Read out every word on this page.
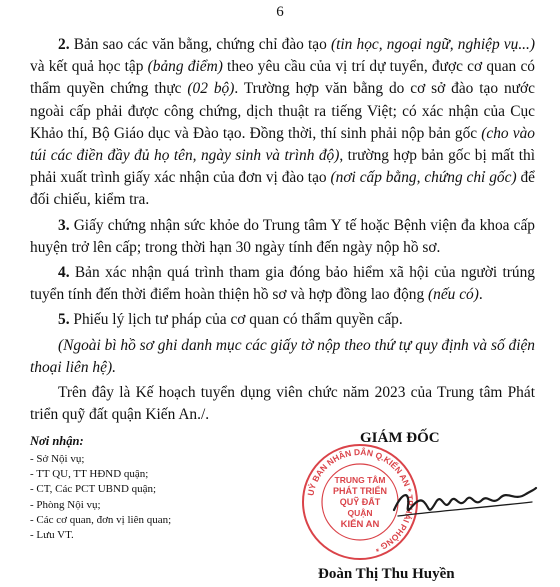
6

2. Bản sao các văn bằng, chứng chỉ đào tạo (tin học, ngoại ngữ, nghiệp vụ...) và kết quả học tập (bảng điểm) theo yêu cầu của vị trí dự tuyển, được cơ quan có thẩm quyền chứng thực (02 bộ). Trường hợp văn bằng do cơ sở đào tạo nước ngoài cấp phải được công chứng, dịch thuật ra tiếng Việt; có xác nhận của Cục Khảo thí, Bộ Giáo dục và Đào tạo. Đồng thời, thí sinh phải nộp bản gốc (cho vào túi các điền đầy đủ họ tên, ngày sinh và trình độ), trường hợp bản gốc bị mất thì phải xuất trình giấy xác nhận của đơn vị đào tạo (nơi cấp bằng, chứng chỉ gốc) để đối chiếu, kiểm tra.

3. Giấy chứng nhận sức khỏe do Trung tâm Y tế hoặc Bệnh viện đa khoa cấp huyện trở lên cấp; trong thời hạn 30 ngày tính đến ngày nộp hồ sơ.

4. Bản xác nhận quá trình tham gia đóng bảo hiểm xã hội của người trúng tuyển tính đến thời điểm hoàn thiện hồ sơ và hợp đồng lao động (nếu có).

5. Phiếu lý lịch tư pháp của cơ quan có thẩm quyền cấp.

(Ngoài bì hồ sơ ghi danh mục các giấy tờ nộp theo thứ tự quy định và số điện thoại liên hệ).

Trên đây là Kế hoạch tuyển dụng viên chức năm 2023 của Trung tâm Phát triển quỹ đất quận Kiến An./.

Nơi nhận:
- Sở Nội vụ;
- TT QU, TT HĐND quận;
- CT, Các PCT UBND quận;
- Phòng Nội vụ;
- Các cơ quan, đơn vị liên quan;
- Lưu VT.
GIÁM ĐỐC
UỶ BAN NHÂN DÂN Q.KIẾN AN * TP.HẢI PHÒNG *
TRUNG TÂM
PHÁT TRIỂN
QUỸ ĐẤT
QUẬN
KIẾN AN
Đoàn Thị Thu Huyền
